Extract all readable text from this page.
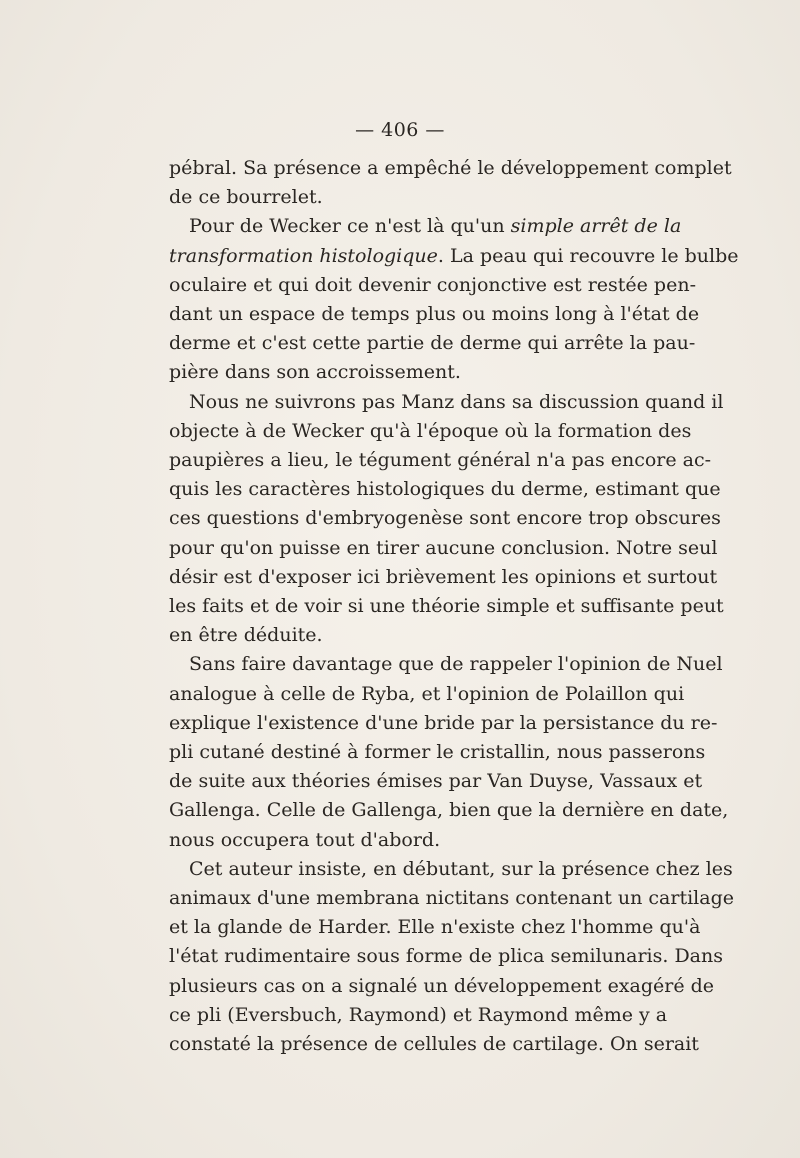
— 406 —

pébral. Sa présence a empêché le développement complet
de ce bourrelet.

Pour de Wecker ce n'est là qu'un simple arrêt de la
transformation histologique. La peau qui recouvre le bulbe
oculaire et qui doit devenir conjonctive est restée pen-
dant un espace de temps plus ou moins long à l'état de
derme et c'est cette partie de derme qui arrête la pau-
pière dans son accroissement.

Nous ne suivrons pas Manz dans sa discussion quand il
objecte à de Wecker qu'à l'époque où la formation des
paupières a lieu, le tégument général n'a pas encore ac-
quis les caractères histologiques du derme, estimant que
ces questions d'embryogenèse sont encore trop obscures
pour qu'on puisse en tirer aucune conclusion. Notre seul
désir est d'exposer ici brièvement les opinions et surtout
les faits et de voir si une théorie simple et suffisante peut
en être déduite.

Sans faire davantage que de rappeler l'opinion de Nuel
analogue à celle de Ryba, et l'opinion de Polaillon qui
explique l'existence d'une bride par la persistance du re-
pli cutané destiné à former le cristallin, nous passerons
de suite aux théories émises par Van Duyse, Vassaux et
Gallenga. Celle de Gallenga, bien que la dernière en date,
nous occupera tout d'abord.

Cet auteur insiste, en débutant, sur la présence chez les
animaux d'une membrana nictitans contenant un cartilage
et la glande de Harder. Elle n'existe chez l'homme qu'à
l'état rudimentaire sous forme de plica semilunaris. Dans
plusieurs cas on a signalé un développement exagéré de
ce pli (Eversbuch, Raymond) et Raymond même y a
constaté la présence de cellules de cartilage. On serait
